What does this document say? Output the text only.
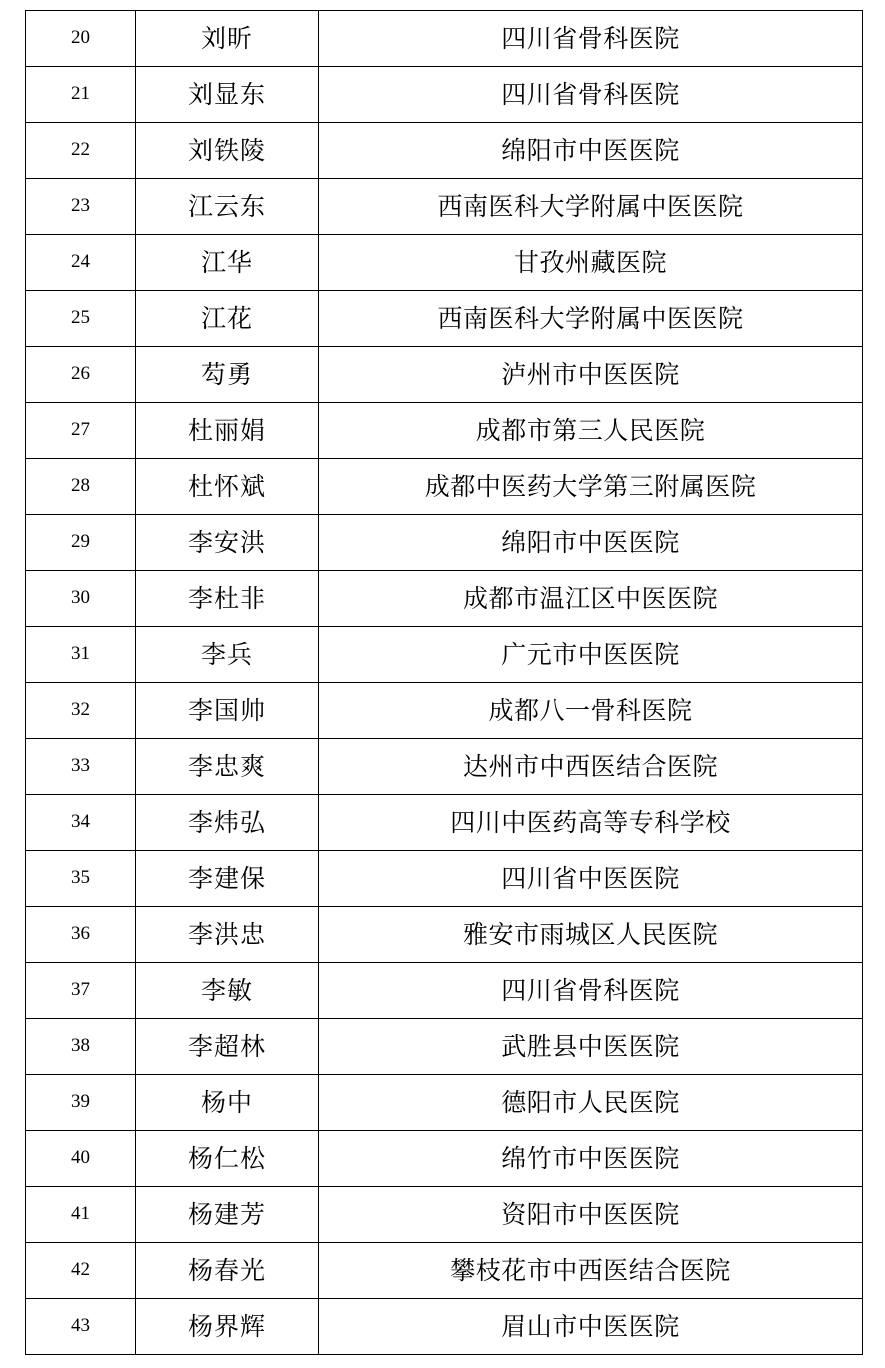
20	刘昕	四川省骨科医院
21	刘显东	四川省骨科医院
22	刘铁陵	绵阳市中医医院
23	江云东	西南医科大学附属中医医院
24	江华	甘孜州藏医院
25	江花	西南医科大学附属中医医院
26	芶勇	泸州市中医医院
27	杜丽娟	成都市第三人民医院
28	杜怀斌	成都中医药大学第三附属医院
29	李安洪	绵阳市中医医院
30	李杜非	成都市温江区中医医院
31	李兵	广元市中医医院
32	李国帅	成都八一骨科医院
33	李忠爽	达州市中西医结合医院
34	李炜弘	四川中医药高等专科学校
35	李建保	四川省中医医院
36	李洪忠	雅安市雨城区人民医院
37	李敏	四川省骨科医院
38	李超林	武胜县中医医院
39	杨中	德阳市人民医院
40	杨仁松	绵竹市中医医院
41	杨建芳	资阳市中医医院
42	杨春光	攀枝花市中西医结合医院
43	杨界辉	眉山市中医医院
